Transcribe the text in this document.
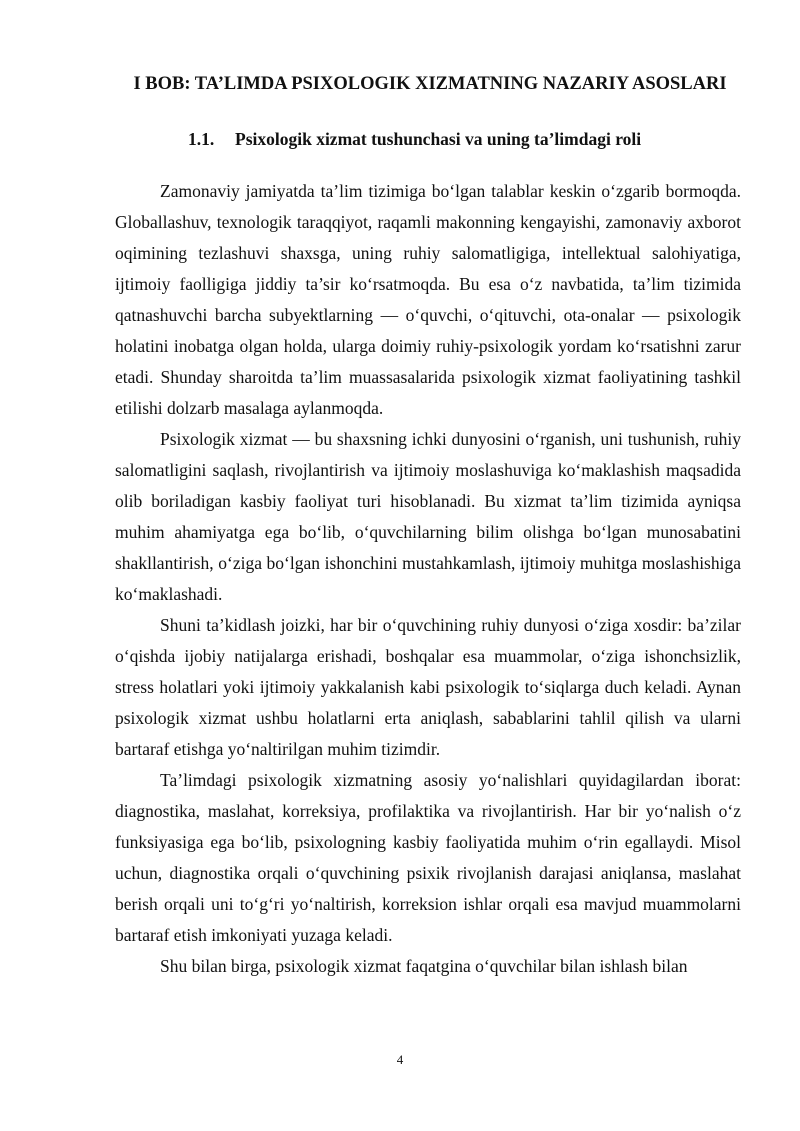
I BOB: TA’LIMDA PSIXOLOGIK XIZMATNING NAZARIY ASOSLARI
1.1. Psixologik xizmat tushunchasi va uning ta’limdagi roli

Zamonaviy jamiyatda ta’lim tizimiga bo‘lgan talablar keskin o‘zgarib bormoqda. Globallashuv, texnologik taraqqiyot, raqamli makonning kengayishi, zamonaviy axborot oqimining tezlashuvi shaxsga, uning ruhiy salomatligiga, intellektual salohiyatiga, ijtimoiy faolligiga jiddiy ta’sir ko‘rsatmoqda. Bu esa o‘z navbatida, ta’lim tizimida qatnashuvchi barcha subyektlarning — o‘quvchi, o‘qituvchi, ota-onalar — psixologik holatini inobatga olgan holda, ularga doimiy ruhiy-psixologik yordam ko‘rsatishni zarur etadi. Shunday sharoitda ta’lim muassasalarida psixologik xizmat faoliyatining tashkil etilishi dolzarb masalaga aylanmoqda.

Psixologik xizmat — bu shaxsning ichki dunyosini o‘rganish, uni tushunish, ruhiy salomatligini saqlash, rivojlantirish va ijtimoiy moslashuviga ko‘maklashish maqsadida olib boriladigan kasbiy faoliyat turi hisoblanadi. Bu xizmat ta’lim tizimida ayniqsa muhim ahamiyatga ega bo‘lib, o‘quvchilarning bilim olishga bo‘lgan munosabatini shakllantirish, o‘ziga bo‘lgan ishonchini mustahkamlash, ijtimoiy muhitga moslashishiga ko‘maklashadi.

Shuni ta’kidlash joizki, har bir o‘quvchining ruhiy dunyosi o‘ziga xosdir: ba’zilar o‘qishda ijobiy natijalarga erishadi, boshqalar esa muammolar, o‘ziga ishonchsizlik, stress holatlari yoki ijtimoiy yakkalanish kabi psixologik to‘siqlarga duch keladi. Aynan psixologik xizmat ushbu holatlarni erta aniqlash, sabablarini tahlil qilish va ularni bartaraf etishga yo‘naltirilgan muhim tizimdir.

Ta’limdagi psixologik xizmatning asosiy yo‘nalishlari quyidagilardan iborat: diagnostika, maslahat, korreksiya, profilaktika va rivojlantirish. Har bir yo‘nalish o‘z funksiyasiga ega bo‘lib, psixologning kasbiy faoliyatida muhim o‘rin egallaydi. Misol uchun, diagnostika orqali o‘quvchining psixik rivojlanish darajasi aniqlansa, maslahat berish orqali uni to‘g‘ri yo‘naltirish, korreksion ishlar orqali esa mavjud muammolarni bartaraf etish imkoniyati yuzaga keladi.

Shu bilan birga, psixologik xizmat faqatgina o‘quvchilar bilan ishlash bilan

4
